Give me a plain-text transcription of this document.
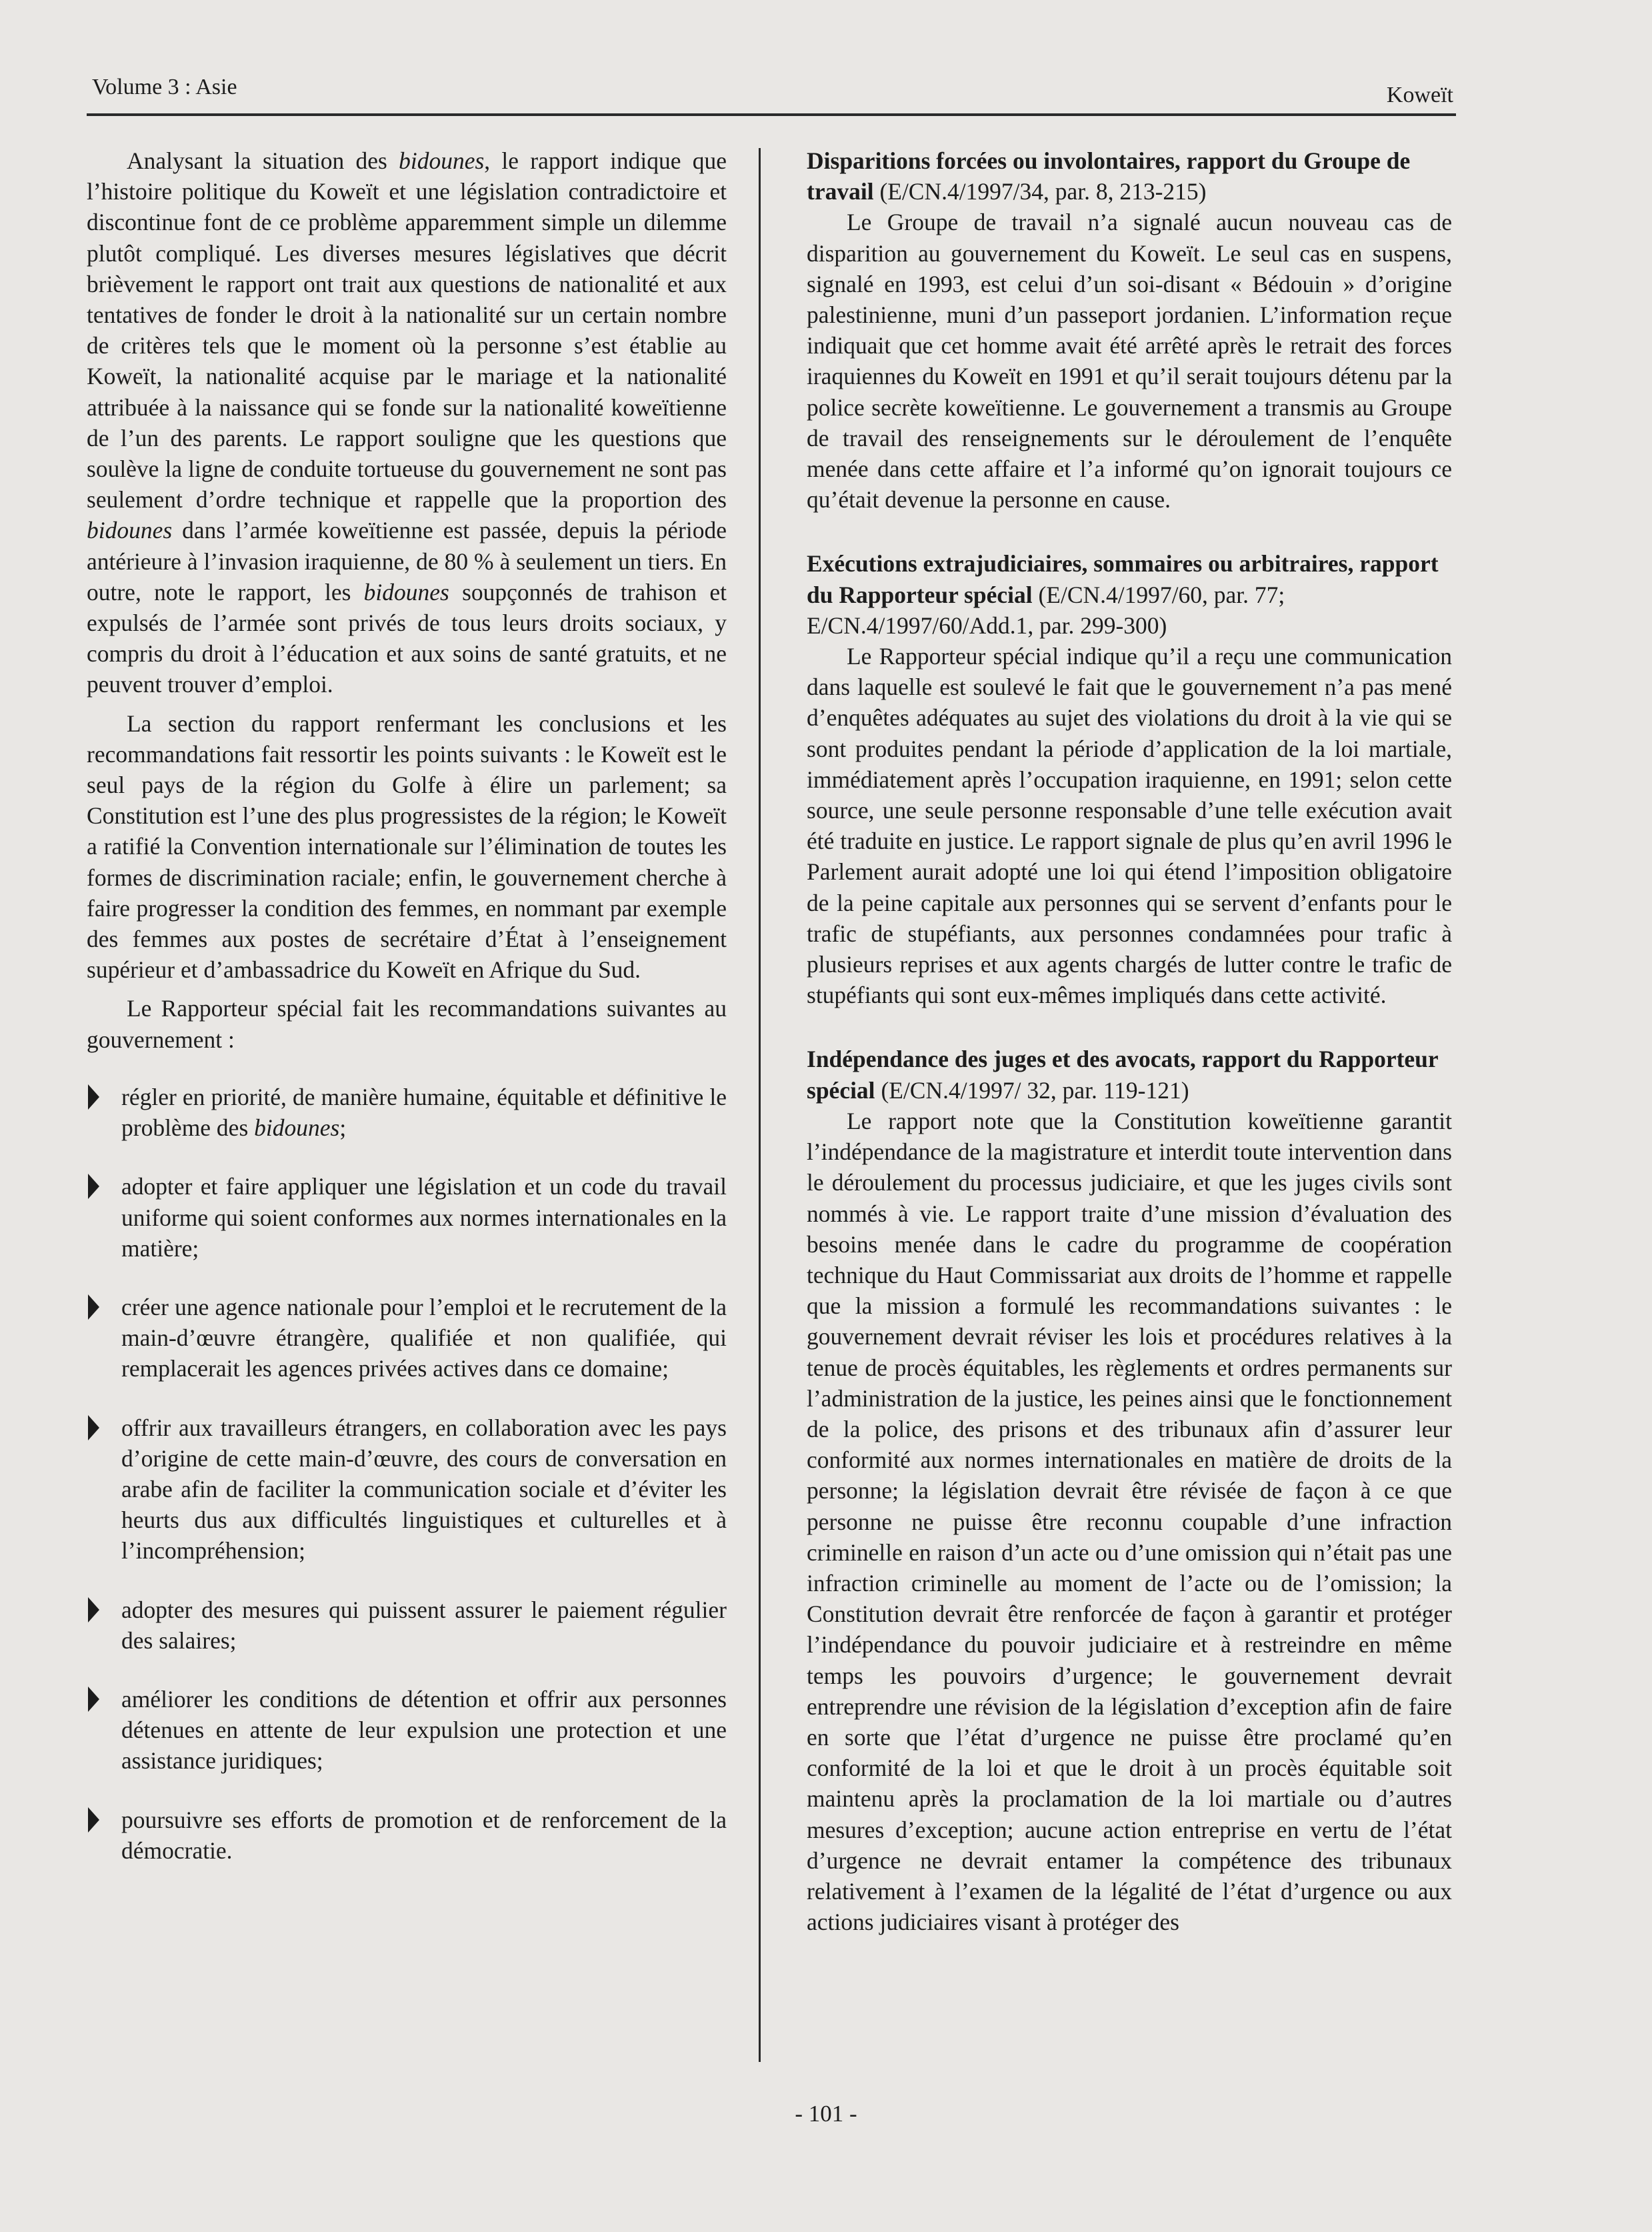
Volume 3 : Asie	Koweït

Analysant la situation des bidounes, le rapport indique que l’histoire politique du Koweït et une législation contradictoire et discontinue font de ce problème apparemment simple un dilemme plutôt compliqué. Les diverses mesures législatives que décrit brièvement le rapport ont trait aux questions de nationalité et aux tentatives de fonder le droit à la nationalité sur un certain nombre de critères tels que le moment où la personne s’est établie au Koweït, la nationalité acquise par le mariage et la nationalité attribuée à la naissance qui se fonde sur la nationalité koweïtienne de l’un des parents. Le rapport souligne que les questions que soulève la ligne de conduite tortueuse du gouvernement ne sont pas seulement d’ordre technique et rappelle que la proportion des bidounes dans l’armée koweïtienne est passée, depuis la période antérieure à l’invasion iraquienne, de 80 % à seulement un tiers. En outre, note le rapport, les bidounes soupçonnés de trahison et expulsés de l’armée sont privés de tous leurs droits sociaux, y compris du droit à l’éducation et aux soins de santé gratuits, et ne peuvent trouver d’emploi.

La section du rapport renfermant les conclusions et les recommandations fait ressortir les points suivants : le Koweït est le seul pays de la région du Golfe à élire un parlement; sa Constitution est l’une des plus progressistes de la région; le Koweït a ratifié la Convention internationale sur l’élimination de toutes les formes de discrimination raciale; enfin, le gouvernement cherche à faire progresser la condition des femmes, en nommant par exemple des femmes aux postes de secrétaire d’État à l’enseignement supérieur et d’ambassadrice du Koweït en Afrique du Sud.

Le Rapporteur spécial fait les recommandations suivantes au gouvernement :

régler en priorité, de manière humaine, équitable et définitive le problème des bidounes;
adopter et faire appliquer une législation et un code du travail uniforme qui soient conformes aux normes internationales en la matière;
créer une agence nationale pour l’emploi et le recrutement de la main-d’œuvre étrangère, qualifiée et non qualifiée, qui remplacerait les agences privées actives dans ce domaine;
offrir aux travailleurs étrangers, en collaboration avec les pays d’origine de cette main-d’œuvre, des cours de conversation en arabe afin de faciliter la communication sociale et d’éviter les heurts dus aux difficultés linguistiques et culturelles et à l’incompréhension;
adopter des mesures qui puissent assurer le paiement régulier des salaires;
améliorer les conditions de détention et offrir aux personnes détenues en attente de leur expulsion une protection et une assistance juridiques;
poursuivre ses efforts de promotion et de renforcement de la démocratie.

Disparitions forcées ou involontaires, rapport du Groupe de travail (E/CN.4/1997/34, par. 8, 213-215)

Le Groupe de travail n’a signalé aucun nouveau cas de disparition au gouvernement du Koweït. Le seul cas en suspens, signalé en 1993, est celui d’un soi-disant « Bédouin » d’origine palestinienne, muni d’un passeport jordanien. L’information reçue indiquait que cet homme avait été arrêté après le retrait des forces iraquiennes du Koweït en 1991 et qu’il serait toujours détenu par la police secrète koweïtienne. Le gouvernement a transmis au Groupe de travail des renseignements sur le déroulement de l’enquête menée dans cette affaire et l’a informé qu’on ignorait toujours ce qu’était devenue la personne en cause.

Exécutions extrajudiciaires, sommaires ou arbitraires, rapport du Rapporteur spécial (E/CN.4/1997/60, par. 77; E/CN.4/1997/60/Add.1, par. 299-300)

Le Rapporteur spécial indique qu’il a reçu une communication dans laquelle est soulevé le fait que le gouvernement n’a pas mené d’enquêtes adéquates au sujet des violations du droit à la vie qui se sont produites pendant la période d’application de la loi martiale, immédiatement après l’occupation iraquienne, en 1991; selon cette source, une seule personne responsable d’une telle exécution avait été traduite en justice. Le rapport signale de plus qu’en avril 1996 le Parlement aurait adopté une loi qui étend l’imposition obligatoire de la peine capitale aux personnes qui se servent d’enfants pour le trafic de stupéfiants, aux personnes condamnées pour trafic à plusieurs reprises et aux agents chargés de lutter contre le trafic de stupéfiants qui sont eux-mêmes impliqués dans cette activité.

Indépendance des juges et des avocats, rapport du Rapporteur spécial (E/CN.4/1997/ 32, par. 119-121)

Le rapport note que la Constitution koweïtienne garantit l’indépendance de la magistrature et interdit toute intervention dans le déroulement du processus judiciaire, et que les juges civils sont nommés à vie. Le rapport traite d’une mission d’évaluation des besoins menée dans le cadre du programme de coopération technique du Haut Commissariat aux droits de l’homme et rappelle que la mission a formulé les recommandations suivantes : le gouvernement devrait réviser les lois et procédures relatives à la tenue de procès équitables, les règlements et ordres permanents sur l’administration de la justice, les peines ainsi que le fonctionnement de la police, des prisons et des tribunaux afin d’assurer leur conformité aux normes internationales en matière de droits de la personne; la législation devrait être révisée de façon à ce que personne ne puisse être reconnu coupable d’une infraction criminelle en raison d’un acte ou d’une omission qui n’était pas une infraction criminelle au moment de l’acte ou de l’omission; la Constitution devrait être renforcée de façon à garantir et protéger l’indépendance du pouvoir judiciaire et à restreindre en même temps les pouvoirs d’urgence; le gouvernement devrait entreprendre une révision de la législation d’exception afin de faire en sorte que l’état d’urgence ne puisse être proclamé qu’en conformité de la loi et que le droit à un procès équitable soit maintenu après la proclamation de la loi martiale ou d’autres mesures d’exception; aucune action entreprise en vertu de l’état d’urgence ne devrait entamer la compétence des tribunaux relativement à l’examen de la légalité de l’état d’urgence ou aux actions judiciaires visant à protéger des

- 101 -
